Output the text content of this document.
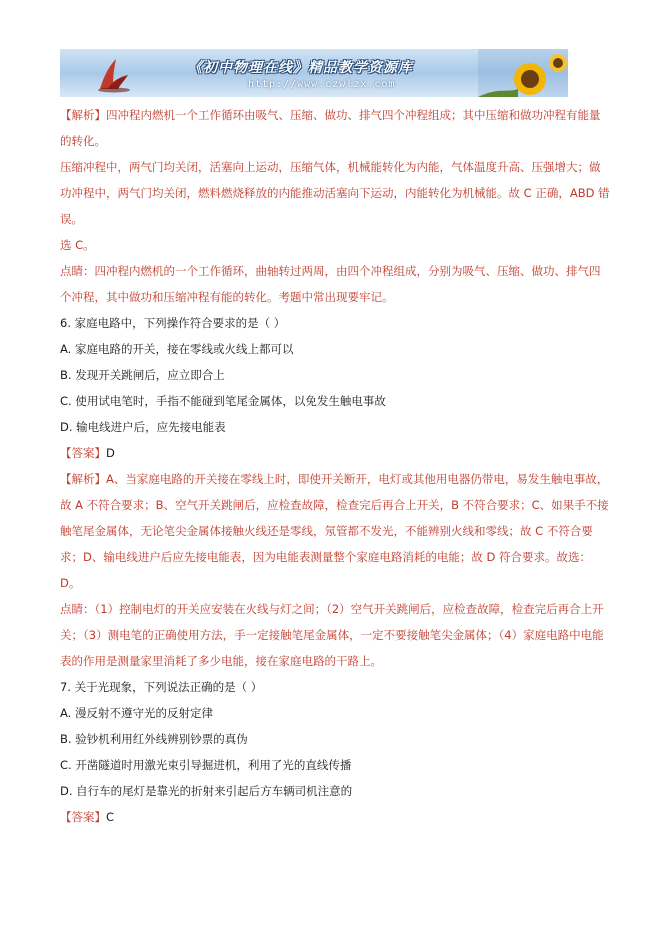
《初中物理在线》精品教学资源库
http://www.czwlzx.com

【解析】四冲程内燃机一个工作循环由吸气、压缩、做功、排气四个冲程组成；其中压缩和做功冲程有能量的转化。

压缩冲程中，两气门均关闭，活塞向上运动，压缩气体，机械能转化为内能，气体温度升高、压强增大；做功冲程中，两气门均关闭，燃料燃烧释放的内能推动活塞向下运动，内能转化为机械能。故 C 正确，ABD 错误。

选 C。

点睛：四冲程内燃机的一个工作循环，曲轴转过两周，由四个冲程组成，分别为吸气、压缩、做功、排气四个冲程，其中做功和压缩冲程有能的转化。考题中常出现要牢记。

6. 家庭电路中，下列操作符合要求的是（ ）

A. 家庭电路的开关，接在零线或火线上都可以

B. 发现开关跳闸后，应立即合上

C. 使用试电笔时，手指不能碰到笔尾金属体，以免发生触电事故

D. 输电线进户后，应先接电能表

【答案】D

【解析】A、当家庭电路的开关接在零线上时，即使开关断开，电灯或其他用电器仍带电，易发生触电事故，故 A 不符合要求；B、空气开关跳闸后，应检查故障，检查完后再合上开关，B 不符合要求；C、如果手不接触笔尾金属体，无论笔尖金属体接触火线还是零线，氖管都不发光，不能辨别火线和零线；故 C 不符合要求；D、输电线进户后应先接电能表，因为电能表测量整个家庭电路消耗的电能；故 D 符合要求。故选：D。

点睛：（1）控制电灯的开关应安装在火线与灯之间；（2）空气开关跳闸后，应检查故障，检查完后再合上开关；（3）测电笔的正确使用方法，手一定接触笔尾金属体，一定不要接触笔尖金属体；（4）家庭电路中电能表的作用是测量家里消耗了多少电能，接在家庭电路的干路上。

7. 关于光现象，下列说法正确的是（ ）

A. 漫反射不遵守光的反射定律

B. 验钞机利用红外线辨别钞票的真伪

C. 开凿隧道时用激光束引导掘进机，利用了光的直线传播

D. 自行车的尾灯是靠光的折射来引起后方车辆司机注意的

【答案】C
